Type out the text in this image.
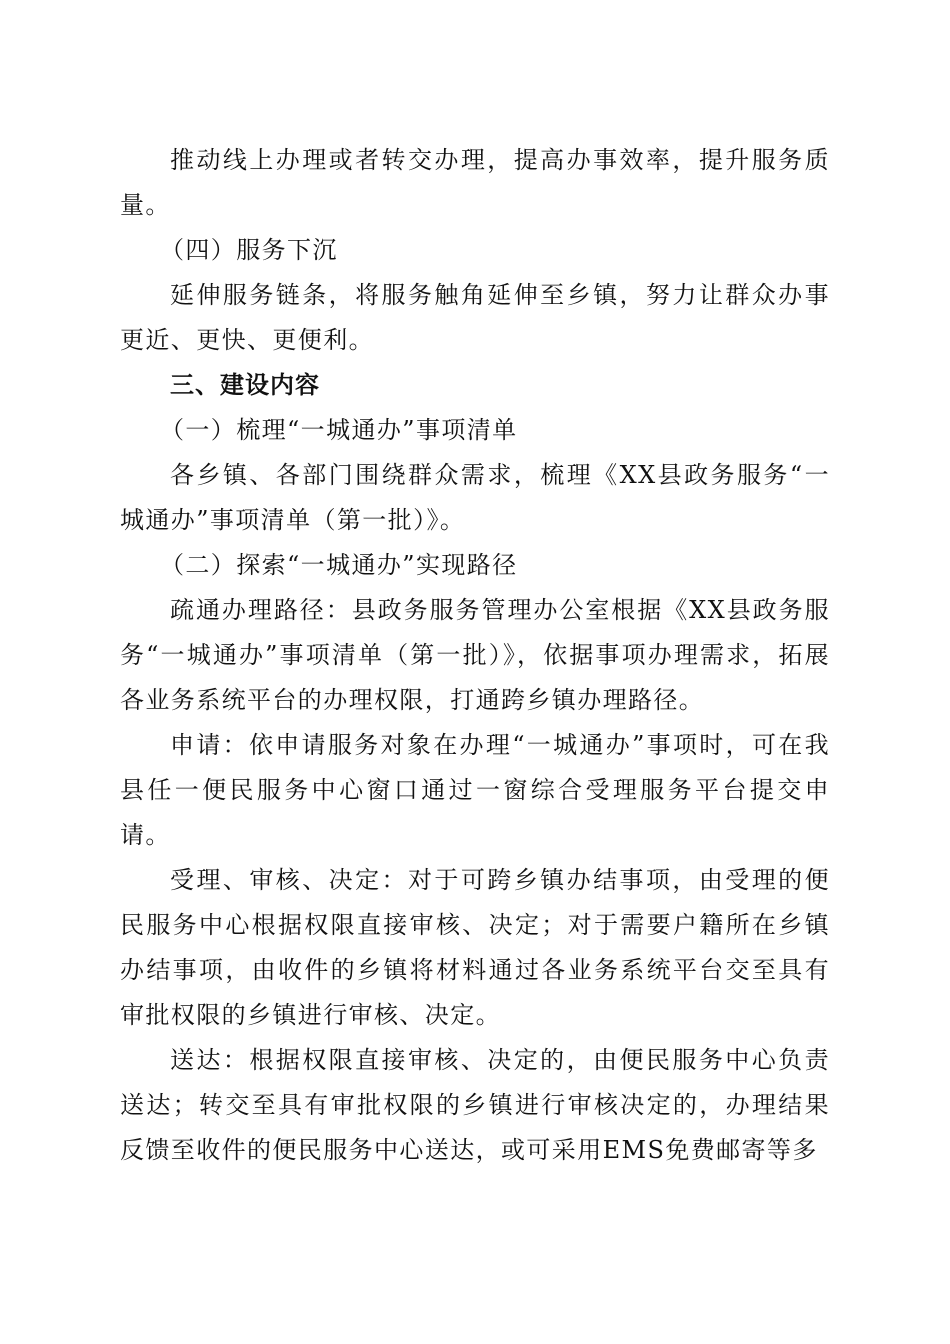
推动线上办理或者转交办理，提高办事效率，提升服务质量。

（四）服务下沉

延伸服务链条，将服务触角延伸至乡镇，努力让群众办事更近、更快、更便利。

三、建设内容

（一）梳理“一城通办”事项清单

各乡镇、各部门围绕群众需求，梳理《XX县政务服务“一城通办”事项清单（第一批）》。

（二）探索“一城通办”实现路径

疏通办理路径：县政务服务管理办公室根据《XX县政务服务“一城通办”事项清单（第一批）》，依据事项办理需求，拓展各业务系统平台的办理权限，打通跨乡镇办理路径。

申请：依申请服务对象在办理“一城通办”事项时，可在我县任一便民服务中心窗口通过一窗综合受理服务平台提交申请。

受理、审核、决定：对于可跨乡镇办结事项，由受理的便民服务中心根据权限直接审核、决定；对于需要户籍所在乡镇办结事项，由收件的乡镇将材料通过各业务系统平台交至具有审批权限的乡镇进行审核、决定。

送达：根据权限直接审核、决定的，由便民服务中心负责送达；转交至具有审批权限的乡镇进行审核决定的，办理结果反馈至收件的便民服务中心送达，或可采用EMS免费邮寄等多
